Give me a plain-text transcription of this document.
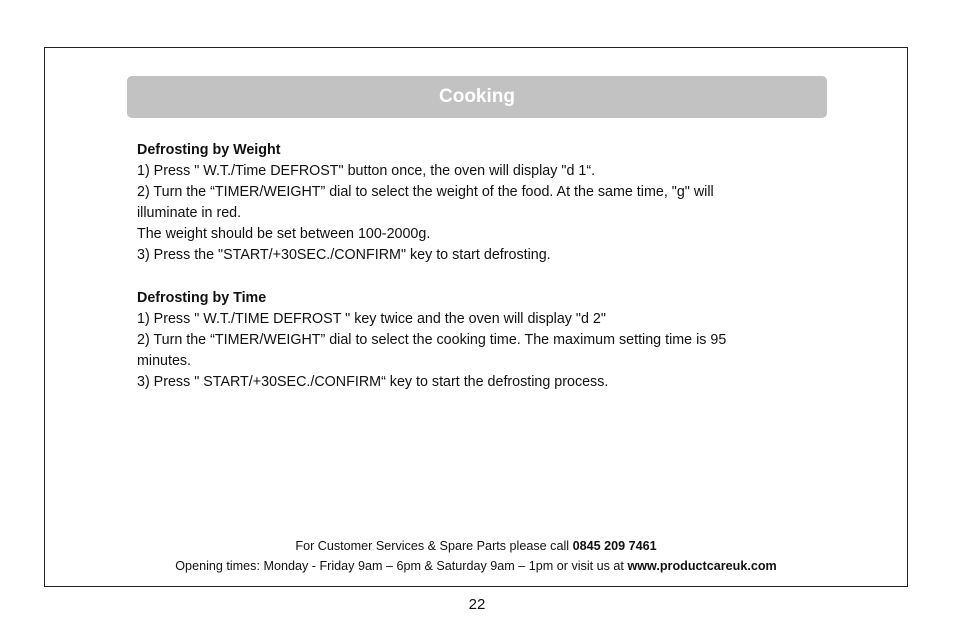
Cooking

Defrosting by Weight

1) Press " W.T./Time DEFROST" button once, the oven will display "d 1“.

2) Turn the “TIMER/WEIGHT” dial to select the weight of the food. At the same time, "g" will

illuminate in red.

The weight should be set between 100-2000g.

3) Press the "START/+30SEC./CONFIRM" key to start defrosting.

Defrosting by Time

1) Press " W.T./TIME DEFROST " key twice and the oven will display "d 2"

2) Turn the “TIMER/WEIGHT” dial to select the cooking time. The maximum setting time is 95

minutes.

3) Press " START/+30SEC./CONFIRM“ key to start the defrosting process.

For Customer Services & Spare Parts please call 0845 209 7461

Opening times: Monday - Friday 9am – 6pm & Saturday 9am – 1pm or visit us at www.productcareuk.com

22
